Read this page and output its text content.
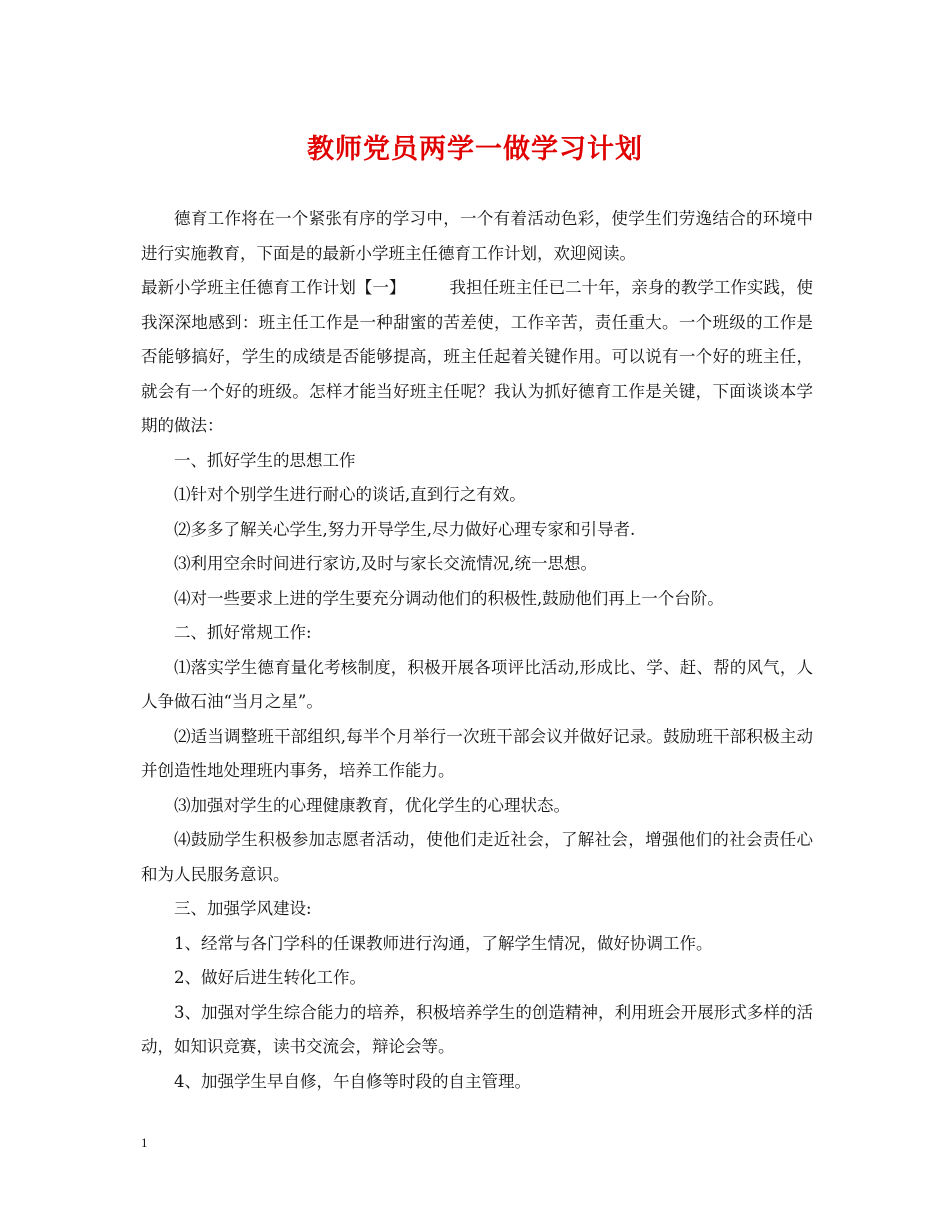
教师党员两学一做学习计划

德育工作将在一个紧张有序的学习中，一个有着活动色彩，使学生们劳逸结合的环境中进行实施教育，下面是的最新小学班主任德育工作计划，欢迎阅读。

最新小学班主任德育工作计划【一】	我担任班主任已二十年，亲身的教学工作实践，使我深深地感到：班主任工作是一种甜蜜的苦差使，工作辛苦，责任重大。一个班级的工作是否能够搞好，学生的成绩是否能够提高，班主任起着关键作用。可以说有一个好的班主任，就会有一个好的班级。怎样才能当好班主任呢？我认为抓好德育工作是关键，下面谈谈本学期的做法：

一、抓好学生的思想工作

⑴针对个别学生进行耐心的谈话,直到行之有效。

⑵多多了解关心学生,努力开导学生,尽力做好心理专家和引导者.

⑶利用空余时间进行家访,及时与家长交流情况,统一思想。

⑷对一些要求上进的学生要充分调动他们的积极性,鼓励他们再上一个台阶。

二、抓好常规工作:

⑴落实学生德育量化考核制度，积极开展各项评比活动,形成比、学、赶、帮的风气，人人争做石油“当月之星”。

⑵适当调整班干部组织,每半个月举行一次班干部会议并做好记录。鼓励班干部积极主动并创造性地处理班内事务，培养工作能力。

⑶加强对学生的心理健康教育，优化学生的心理状态。

⑷鼓励学生积极参加志愿者活动，使他们走近社会，了解社会，增强他们的社会责任心和为人民服务意识。

三、加强学风建设:

1、经常与各门学科的任课教师进行沟通，了解学生情况，做好协调工作。

2、做好后进生转化工作。

3、加强对学生综合能力的培养，积极培养学生的创造精神，利用班会开展形式多样的活动，如知识竞赛，读书交流会，辩论会等。

4、加强学生早自修，午自修等时段的自主管理。

1
